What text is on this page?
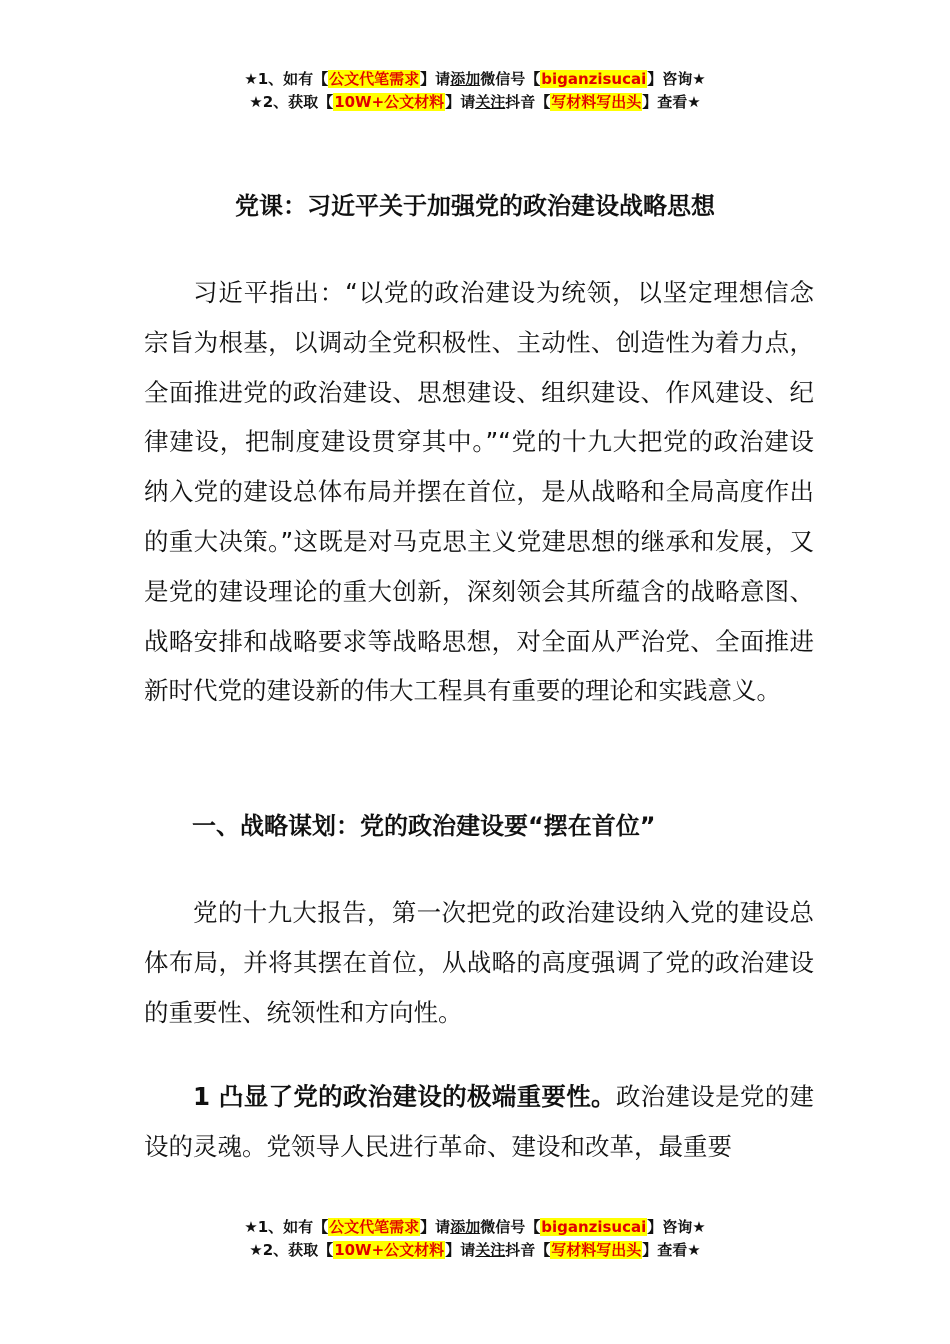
★1、如有【公文代笔需求】请添加微信号【biganzisucai】咨询★
★2、获取【10W+公文材料】请关注抖音【写材料写出头】查看★
党课：习近平关于加强党的政治建设战略思想

习近平指出：“以党的政治建设为统领，以坚定理想信念宗旨为根基，以调动全党积极性、主动性、创造性为着力点，全面推进党的政治建设、思想建设、组织建设、作风建设、纪律建设，把制度建设贯穿其中。”“党的十九大把党的政治建设纳入党的建设总体布局并摆在首位，是从战略和全局高度作出的重大决策。”这既是对马克思主义党建思想的继承和发展，又是党的建设理论的重大创新，深刻领会其所蕴含的战略意图、战略安排和战略要求等战略思想，对全面从严治党、全面推进新时代党的建设新的伟大工程具有重要的理论和实践意义。

一、战略谋划：党的政治建设要“摆在首位”

党的十九大报告，第一次把党的政治建设纳入党的建设总体布局，并将其摆在首位，从战略的高度强调了党的政治建设的重要性、统领性和方向性。

1 凸显了党的政治建设的极端重要性。政治建设是党的建设的灵魂。党领导人民进行革命、建设和改革，最重要

★1、如有【公文代笔需求】请添加微信号【biganzisucai】咨询★
★2、获取【10W+公文材料】请关注抖音【写材料写出头】查看★
